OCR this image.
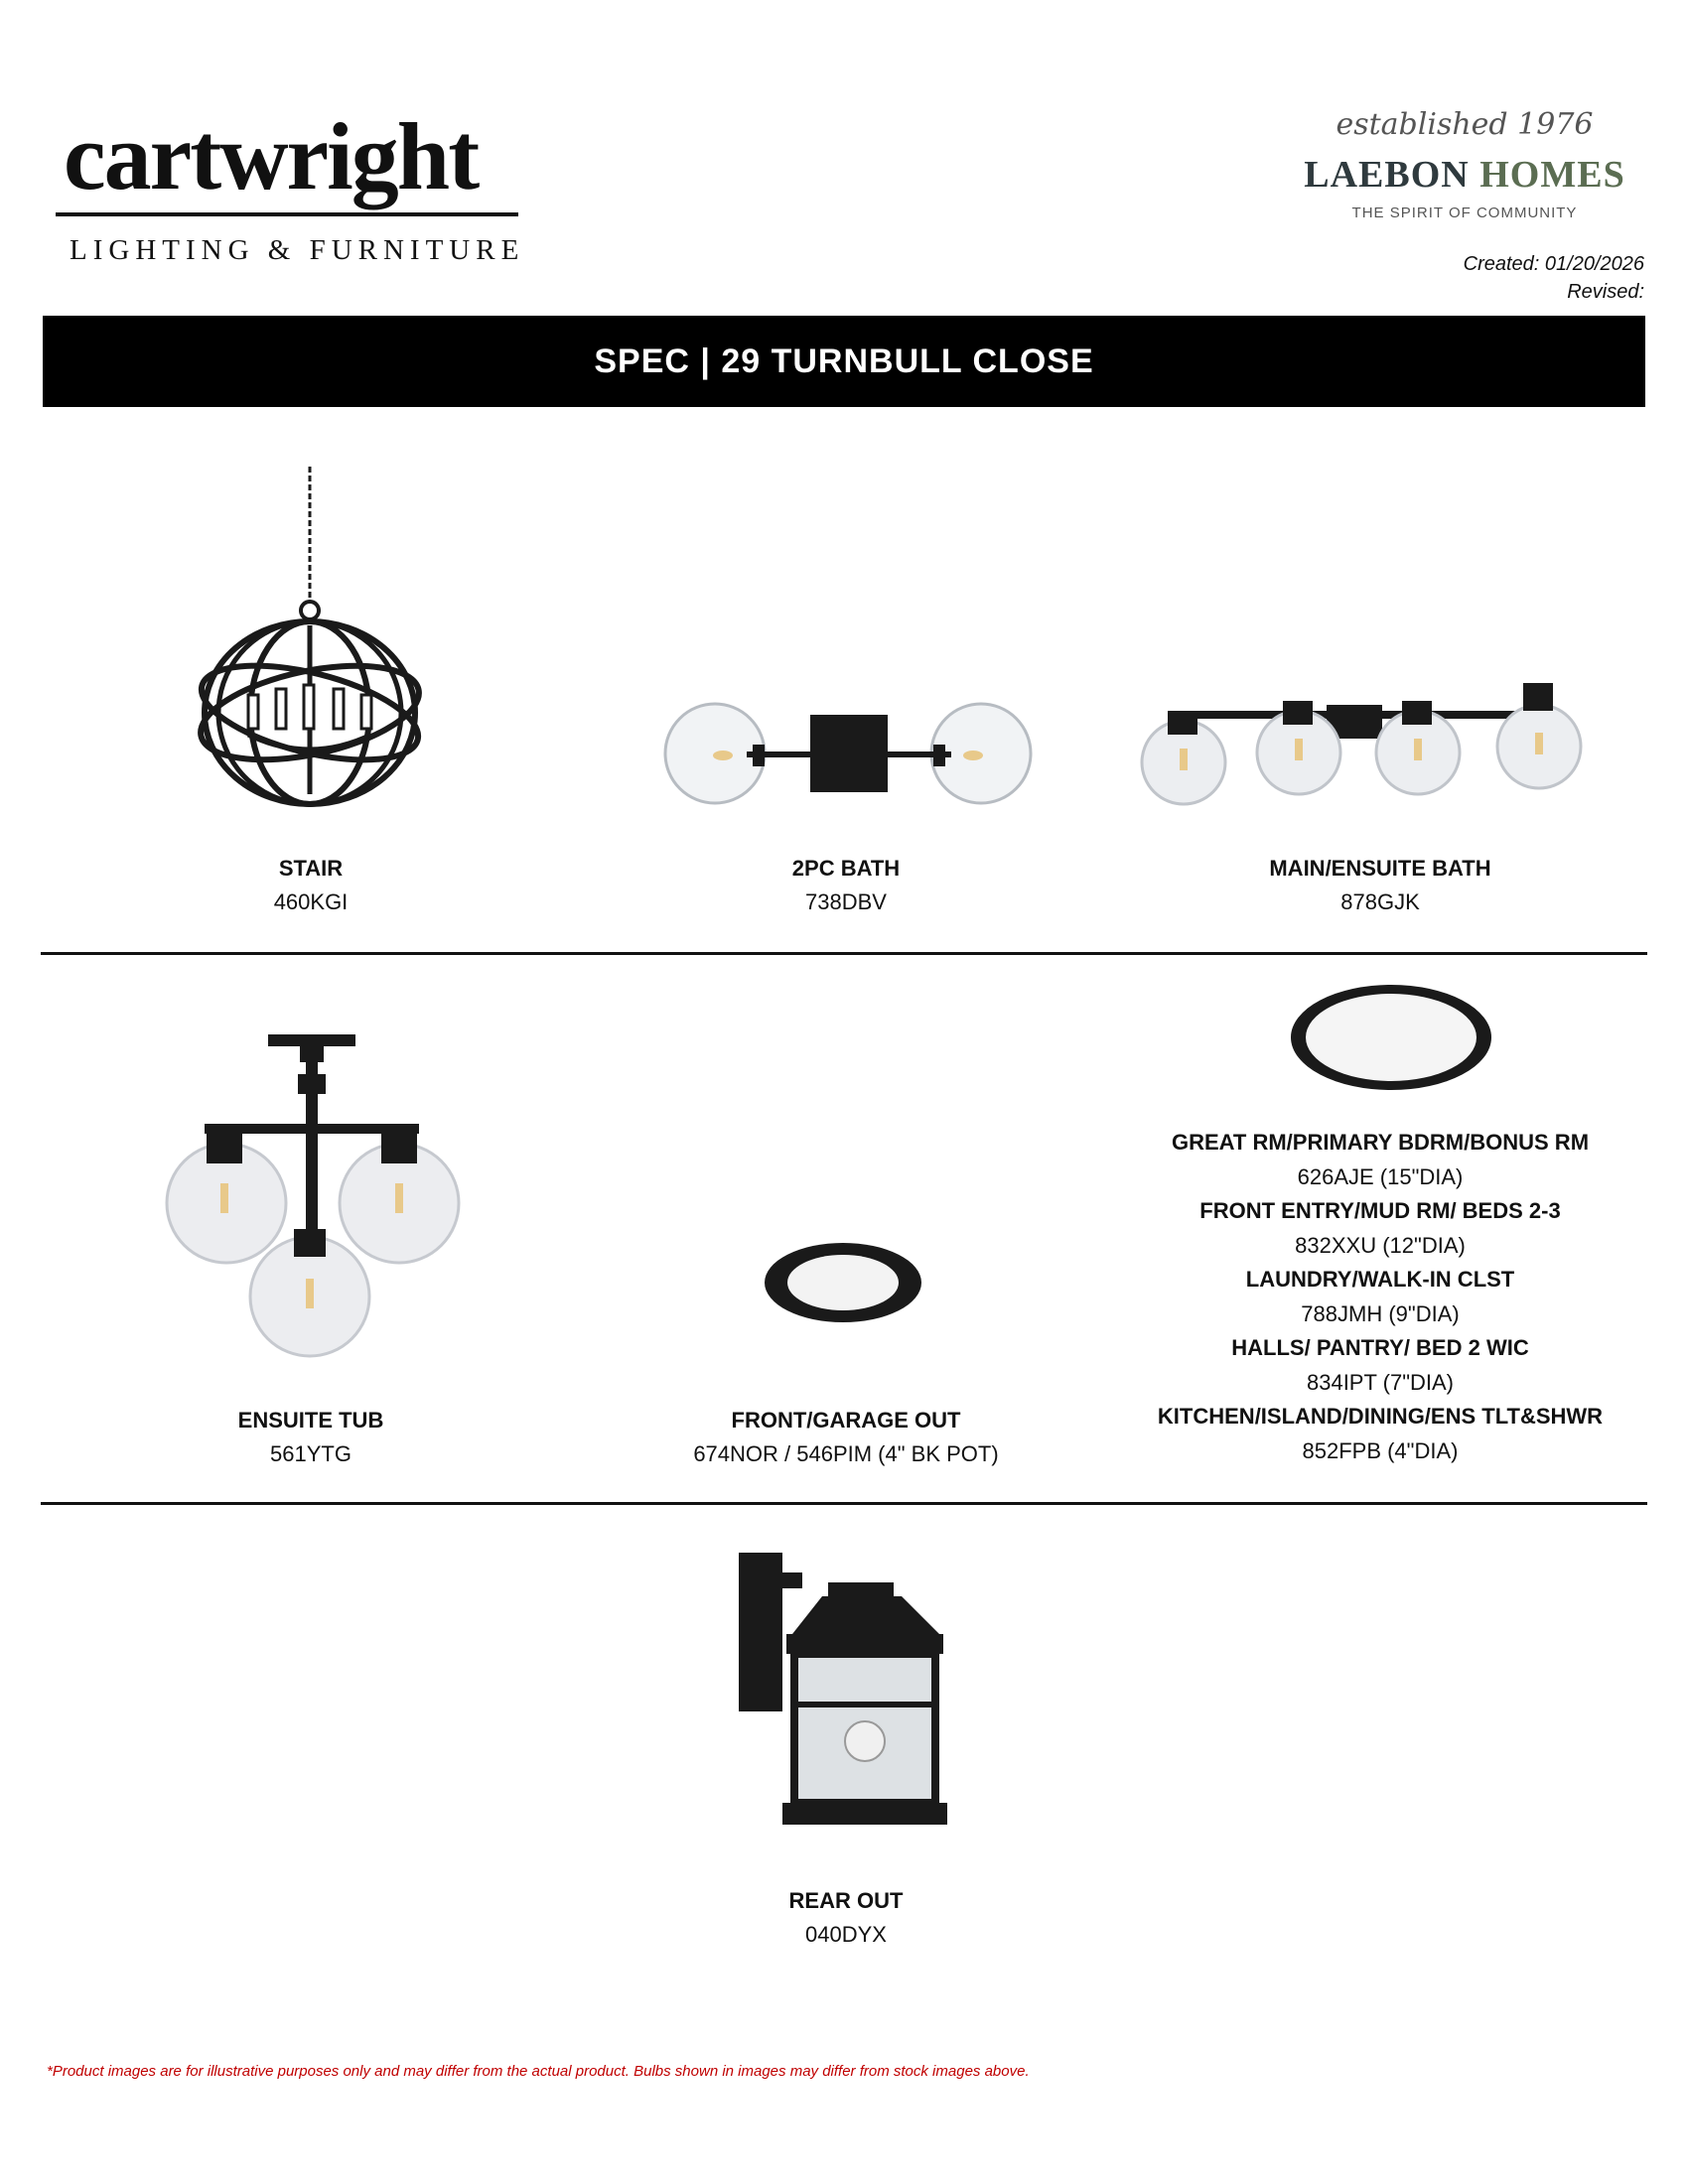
cartwright
LIGHTING & FURNITURE
established 1976
LAEBON HOMES
THE SPIRIT OF COMMUNITY
Created: 01/20/2026
Revised:
SPEC | 29 TURNBULL CLOSE
STAIR
460KGI
2PC BATH
738DBV
MAIN/ENSUITE BATH
878GJK
ENSUITE TUB
561YTG
FRONT/GARAGE OUT
674NOR / 546PIM (4" BK POT)
GREAT RM/PRIMARY BDRM/BONUS RM
626AJE (15"DIA)
FRONT ENTRY/MUD RM/ BEDS 2-3
832XXU (12"DIA)
LAUNDRY/WALK-IN CLST
788JMH (9"DIA)
HALLS/ PANTRY/ BED 2 WIC
834IPT (7"DIA)
KITCHEN/ISLAND/DINING/ENS TLT&SHWR
852FPB (4"DIA)
REAR OUT
040DYX
*Product images are for illustrative purposes only and may differ from the actual product. Bulbs shown in images may differ from stock images above.
